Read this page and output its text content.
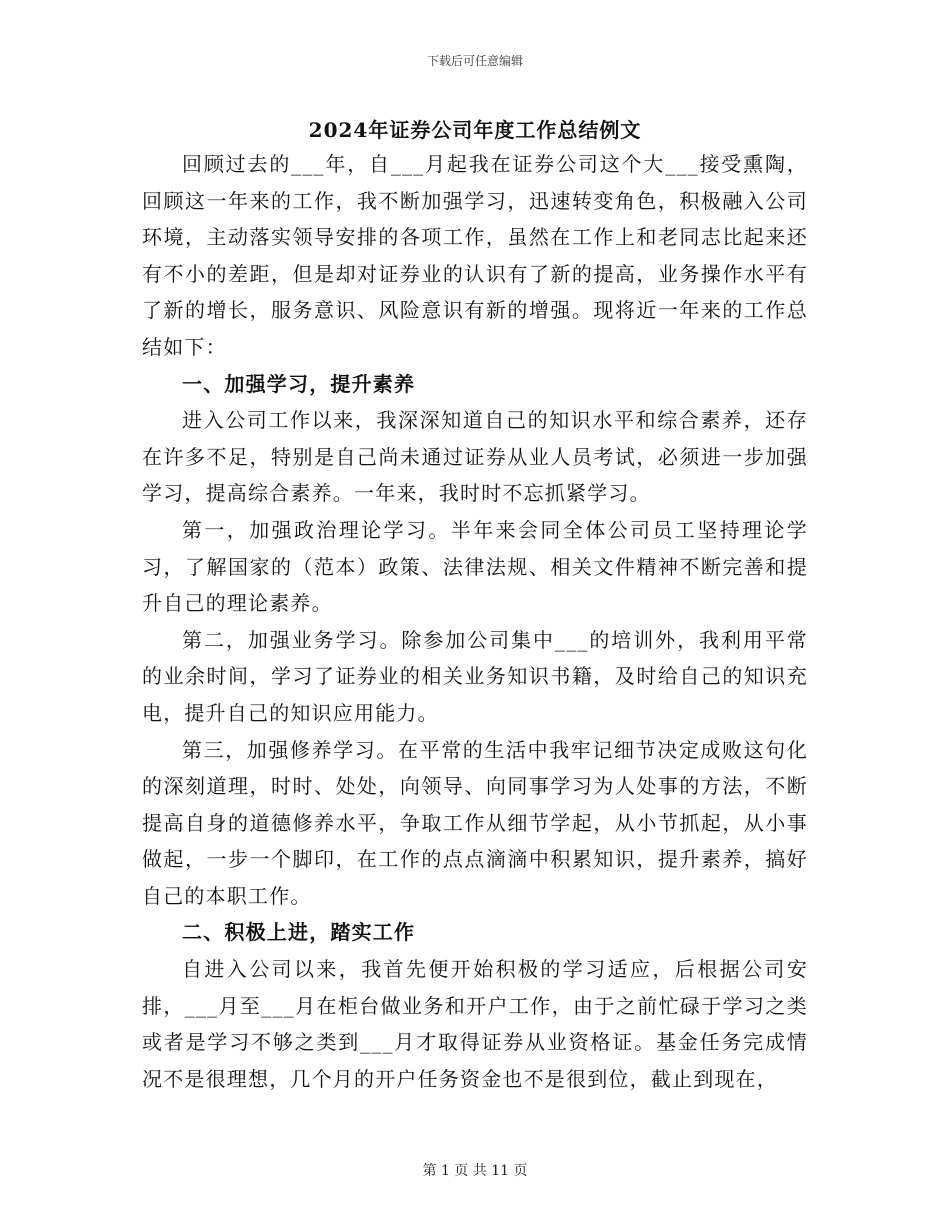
下载后可任意编辑
2024年证券公司年度工作总结例文

回顾过去的___年，自___月起我在证券公司这个大___接受熏陶，回顾这一年来的工作，我不断加强学习，迅速转变角色，积极融入公司环境，主动落实领导安排的各项工作，虽然在工作上和老同志比起来还有不小的差距，但是却对证券业的认识有了新的提高，业务操作水平有了新的增长，服务意识、风险意识有新的增强。现将近一年来的工作总结如下：

一、加强学习，提升素养

进入公司工作以来，我深深知道自己的知识水平和综合素养，还存在许多不足，特别是自己尚未通过证券从业人员考试，必须进一步加强学习，提高综合素养。一年来，我时时不忘抓紧学习。

第一，加强政治理论学习。半年来会同全体公司员工坚持理论学习，了解国家的（范本）政策、法律法规、相关文件精神不断完善和提升自己的理论素养。

第二，加强业务学习。除参加公司集中___的培训外，我利用平常的业余时间，学习了证券业的相关业务知识书籍，及时给自己的知识充电，提升自己的知识应用能力。

第三，加强修养学习。在平常的生活中我牢记细节决定成败这句化的深刻道理，时时、处处，向领导、向同事学习为人处事的方法，不断提高自身的道德修养水平，争取工作从细节学起，从小节抓起，从小事做起，一步一个脚印，在工作的点点滴滴中积累知识，提升素养，搞好自己的本职工作。

二、积极上进，踏实工作

自进入公司以来，我首先便开始积极的学习适应，后根据公司安排，___月至___月在柜台做业务和开户工作，由于之前忙碌于学习之类或者是学习不够之类到___月才取得证券从业资格证。基金任务完成情况不是很理想，几个月的开户任务资金也不是很到位，截止到现在，

第 1 页 共 11 页
